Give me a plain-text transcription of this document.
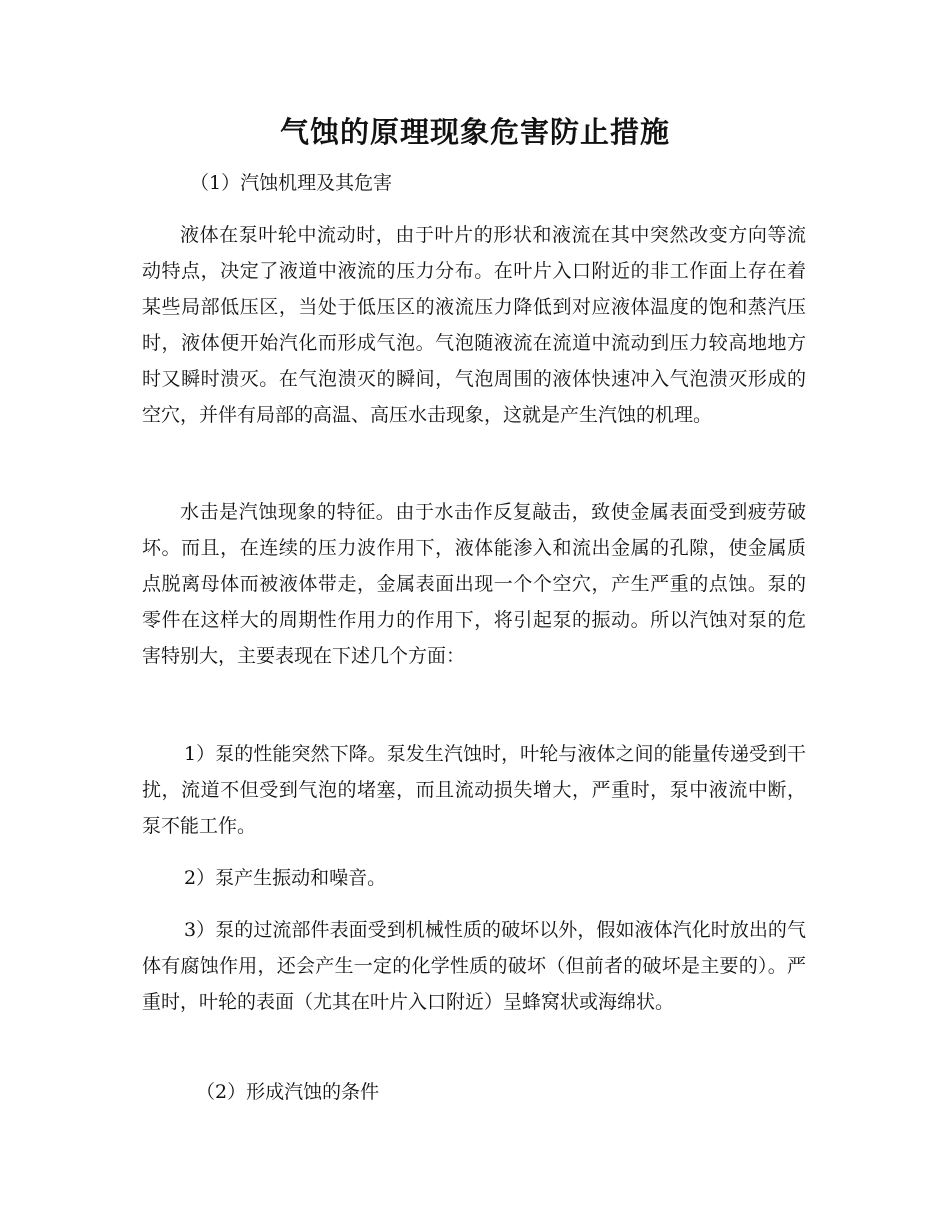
气蚀的原理现象危害防止措施
（1）汽蚀机理及其危害
液体在泵叶轮中流动时，由于叶片的形状和液流在其中突然改变方向等流动特点，决定了液道中液流的压力分布。在叶片入口附近的非工作面上存在着某些局部低压区，当处于低压区的液流压力降低到对应液体温度的饱和蒸汽压时，液体便开始汽化而形成气泡。气泡随液流在流道中流动到压力较高地地方时又瞬时溃灭。在气泡溃灭的瞬间，气泡周围的液体快速冲入气泡溃灭形成的空穴，并伴有局部的高温、高压水击现象，这就是产生汽蚀的机理。
水击是汽蚀现象的特征。由于水击作反复敲击，致使金属表面受到疲劳破坏。而且，在连续的压力波作用下，液体能渗入和流出金属的孔隙，使金属质点脱离母体而被液体带走，金属表面出现一个个空穴，产生严重的点蚀。泵的零件在这样大的周期性作用力的作用下，将引起泵的振动。所以汽蚀对泵的危害特别大，主要表现在下述几个方面：
1）泵的性能突然下降。泵发生汽蚀时，叶轮与液体之间的能量传递受到干扰，流道不但受到气泡的堵塞，而且流动损失增大，严重时，泵中液流中断，泵不能工作。
2）泵产生振动和噪音。
3）泵的过流部件表面受到机械性质的破坏以外，假如液体汽化时放出的气体有腐蚀作用，还会产生一定的化学性质的破坏（但前者的破坏是主要的）。严重时，叶轮的表面（尤其在叶片入口附近）呈蜂窝状或海绵状。
（2）形成汽蚀的条件
